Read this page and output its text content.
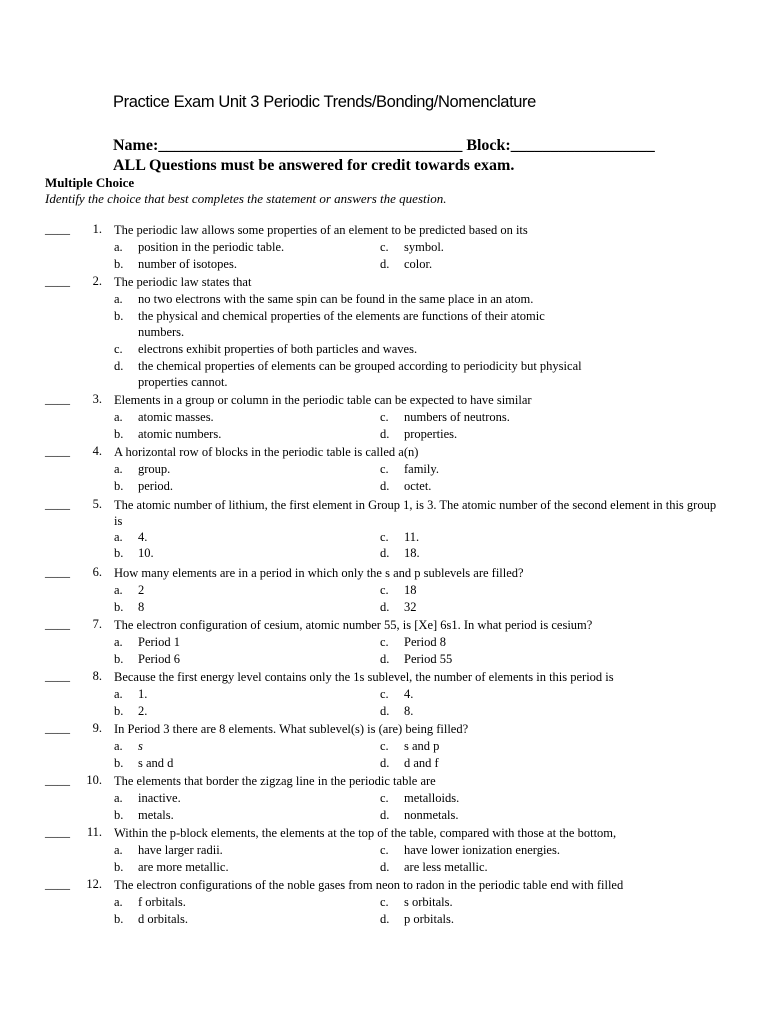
Practice Exam Unit 3 Periodic Trends/Bonding/Nomenclature
Name:______________________________________ Block:__________________
ALL Questions must be answered for credit towards exam.
Multiple Choice
Identify the choice that best completes the statement or answers the question.
____	1. The periodic law allows some properties of an element to be predicted based on its
a. position in the periodic table.	c. symbol.
b. number of isotopes.	d. color.
____	2. The periodic law states that
a. no two electrons with the same spin can be found in the same place in an atom.
b. the physical and chemical properties of the elements are functions of their atomic numbers.
c. electrons exhibit properties of both particles and waves.
d. the chemical properties of elements can be grouped according to periodicity but physical properties cannot.
____	3. Elements in a group or column in the periodic table can be expected to have similar
a. atomic masses.	c. numbers of neutrons.
b. atomic numbers.	d. properties.
____	4. A horizontal row of blocks in the periodic table is called a(n)
a. group.	c. family.
b. period.	d. octet.
____	5. The atomic number of lithium, the first element in Group 1, is 3. The atomic number of the second element in this group is
a. 4.	c. 11.
b. 10.	d. 18.
____	6. How many elements are in a period in which only the s and p sublevels are filled?
a. 2	c. 18
b. 8	d. 32
____	7. The electron configuration of cesium, atomic number 55, is [Xe] 6s1. In what period is cesium?
a. Period 1	c. Period 8
b. Period 6	d. Period 55
____	8. Because the first energy level contains only the 1s sublevel, the number of elements in this period is
a. 1.	c. 4.
b. 2.	d. 8.
____	9. In Period 3 there are 8 elements. What sublevel(s) is (are) being filled?
a. s	c. s and p
b. s and d	d. d and f
____	10. The elements that border the zigzag line in the periodic table are
a. inactive.	c. metalloids.
b. metals.	d. nonmetals.
____	11. Within the p-block elements, the elements at the top of the table, compared with those at the bottom,
a. have larger radii.	c. have lower ionization energies.
b. are more metallic.	d. are less metallic.
____	12. The electron configurations of the noble gases from neon to radon in the periodic table end with filled
a. f orbitals.	c. s orbitals.
b. d orbitals.	d. p orbitals.
